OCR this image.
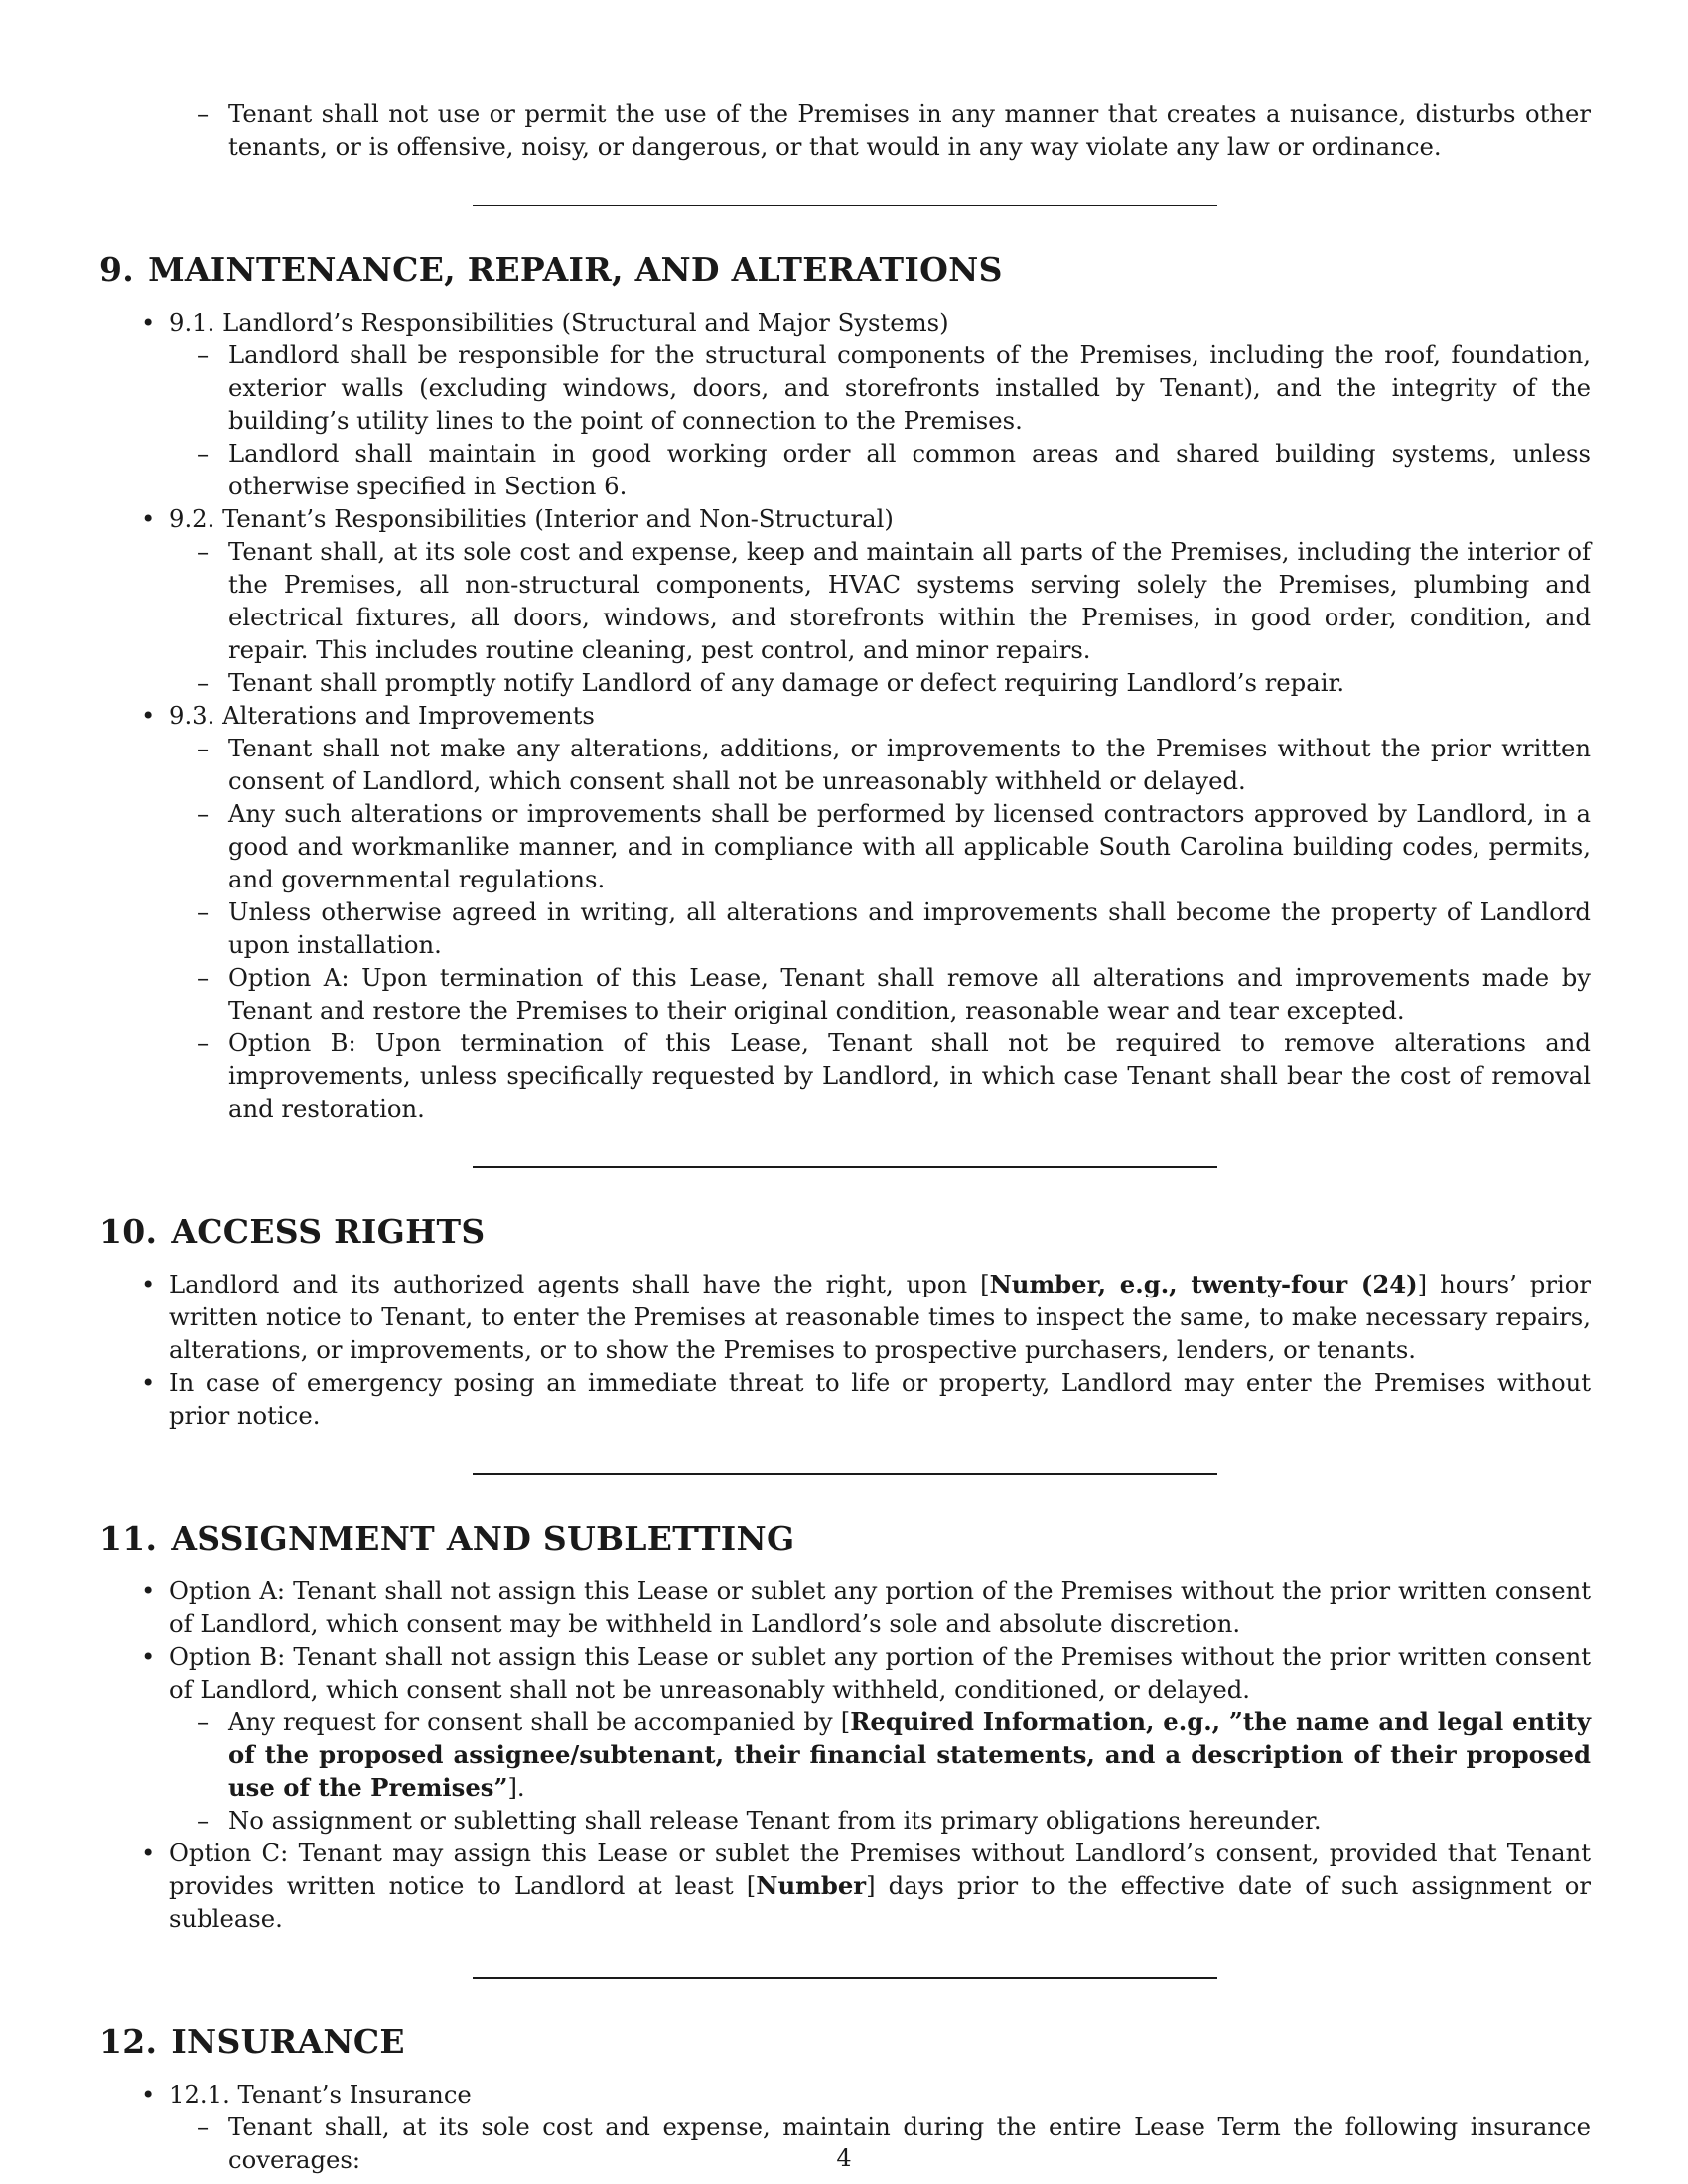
– Tenant shall not use or permit the use of the Premises in any manner that creates a nuisance, disturbs other tenants, or is offensive, noisy, or dangerous, or that would in any way violate any law or ordinance.
9. MAINTENANCE, REPAIR, AND ALTERATIONS
• 9.1. Landlord’s Responsibilities (Structural and Major Systems)
– Landlord shall be responsible for the structural components of the Premises, including the roof, foundation, exterior walls (excluding windows, doors, and storefronts installed by Tenant), and the integrity of the building’s utility lines to the point of connection to the Premises.
– Landlord shall maintain in good working order all common areas and shared building systems, unless otherwise specified in Section 6.
• 9.2. Tenant’s Responsibilities (Interior and Non-Structural)
– Tenant shall, at its sole cost and expense, keep and maintain all parts of the Premises, including the interior of the Premises, all non-structural components, HVAC systems serving solely the Premises, plumbing and electrical fixtures, all doors, windows, and storefronts within the Premises, in good order, condition, and repair. This includes routine cleaning, pest control, and minor repairs.
– Tenant shall promptly notify Landlord of any damage or defect requiring Landlord’s repair.
• 9.3. Alterations and Improvements
– Tenant shall not make any alterations, additions, or improvements to the Premises without the prior written consent of Landlord, which consent shall not be unreasonably withheld or delayed.
– Any such alterations or improvements shall be performed by licensed contractors approved by Landlord, in a good and workmanlike manner, and in compliance with all applicable South Carolina building codes, permits, and governmental regulations.
– Unless otherwise agreed in writing, all alterations and improvements shall become the property of Landlord upon installation.
– Option A: Upon termination of this Lease, Tenant shall remove all alterations and improvements made by Tenant and restore the Premises to their original condition, reasonable wear and tear excepted.
– Option B: Upon termination of this Lease, Tenant shall not be required to remove alterations and improvements, unless specifically requested by Landlord, in which case Tenant shall bear the cost of removal and restoration.
10. ACCESS RIGHTS
• Landlord and its authorized agents shall have the right, upon [Number, e.g., twenty-four (24)] hours’ prior written notice to Tenant, to enter the Premises at reasonable times to inspect the same, to make necessary repairs, alterations, or improvements, or to show the Premises to prospective purchasers, lenders, or tenants.
• In case of emergency posing an immediate threat to life or property, Landlord may enter the Premises without prior notice.
11. ASSIGNMENT AND SUBLETTING
• Option A: Tenant shall not assign this Lease or sublet any portion of the Premises without the prior written consent of Landlord, which consent may be withheld in Landlord’s sole and absolute discretion.
• Option B: Tenant shall not assign this Lease or sublet any portion of the Premises without the prior written consent of Landlord, which consent shall not be unreasonably withheld, conditioned, or delayed.
– Any request for consent shall be accompanied by [Required Information, e.g., ”the name and legal entity of the proposed assignee/subtenant, their financial statements, and a description of their proposed use of the Premises”].
– No assignment or subletting shall release Tenant from its primary obligations hereunder.
• Option C: Tenant may assign this Lease or sublet the Premises without Landlord’s consent, provided that Tenant provides written notice to Landlord at least [Number] days prior to the effective date of such assignment or sublease.
12. INSURANCE
• 12.1. Tenant’s Insurance
– Tenant shall, at its sole cost and expense, maintain during the entire Lease Term the following insurance coverages:	4
